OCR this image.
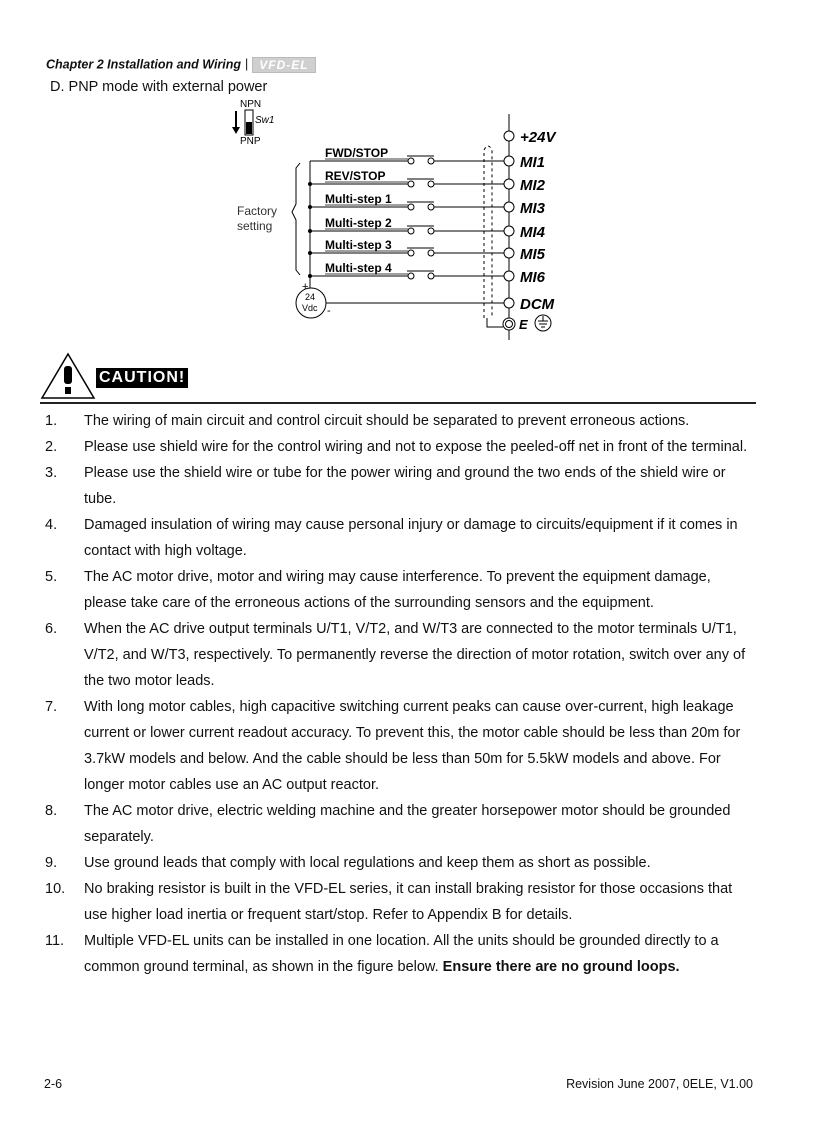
Chapter 2 Installation and Wiring | VFD-EL
D. PNP mode with external power
NPN
Sw1
PNP
Factory
setting
FWD/STOP
MI1
REV/STOP
MI2
Multi-step 1
MI3
Multi-step 2
MI4
Multi-step 3
MI5
Multi-step 4
MI6
+24V
24
Vdc
+
-	DCM
E
CAUTION!
1. The wiring of main circuit and control circuit should be separated to prevent erroneous actions.
2. Please use shield wire for the control wiring and not to expose the peeled-off net in front of the terminal.
3. Please use the shield wire or tube for the power wiring and ground the two ends of the shield wire or tube.
4. Damaged insulation of wiring may cause personal injury or damage to circuits/equipment if it comes in contact with high voltage.
5. The AC motor drive, motor and wiring may cause interference. To prevent the equipment damage, please take care of the erroneous actions of the surrounding sensors and the equipment.
6. When the AC drive output terminals U/T1, V/T2, and W/T3 are connected to the motor terminals U/T1, V/T2, and W/T3, respectively. To permanently reverse the direction of motor rotation, switch over any of the two motor leads.
7. With long motor cables, high capacitive switching current peaks can cause over-current, high leakage current or lower current readout accuracy. To prevent this, the motor cable should be less than 20m for 3.7kW models and below. And the cable should be less than 50m for 5.5kW models and above. For longer motor cables use an AC output reactor.
8. The AC motor drive, electric welding machine and the greater horsepower motor should be grounded separately.
9. Use ground leads that comply with local regulations and keep them as short as possible.
10. No braking resistor is built in the VFD-EL series, it can install braking resistor for those occasions that use higher load inertia or frequent start/stop. Refer to Appendix B for details.
11. Multiple VFD-EL units can be installed in one location. All the units should be grounded directly to a common ground terminal, as shown in the figure below. Ensure there are no ground loops.
2-6	Revision June 2007, 0ELE, V1.00
